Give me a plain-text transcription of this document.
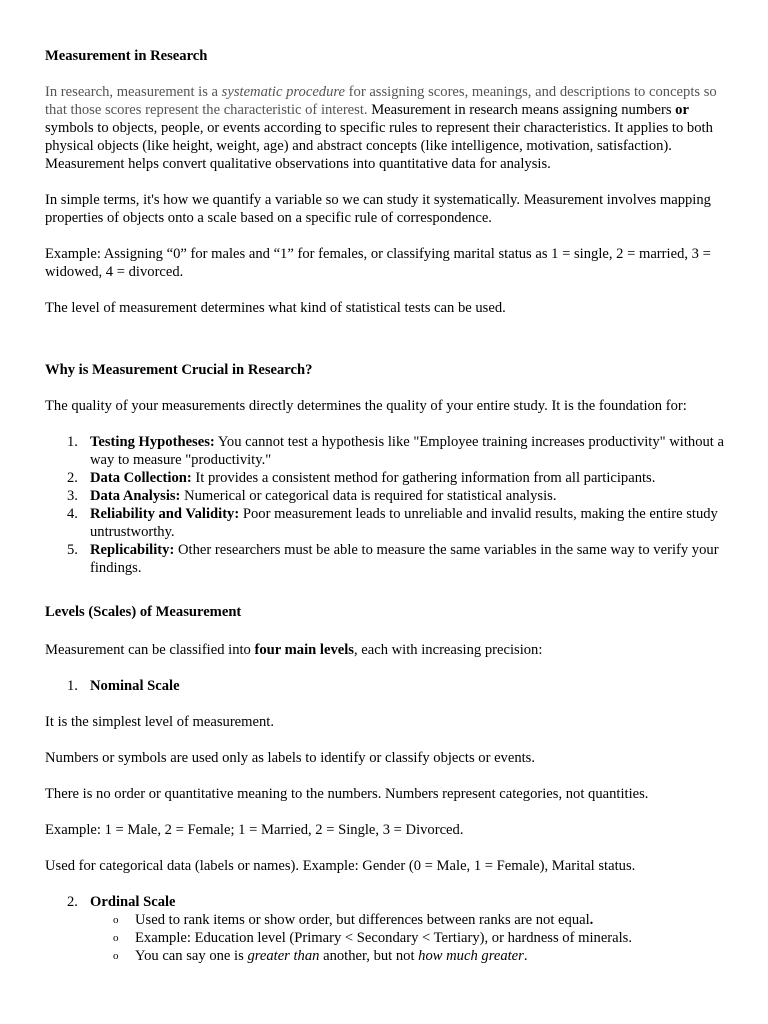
Measurement in Research

In research, measurement is a systematic procedure for assigning scores, meanings, and descriptions to concepts so that those scores represent the characteristic of interest. Measurement in research means assigning numbers or symbols to objects, people, or events according to specific rules to represent their characteristics. It applies to both physical objects (like height, weight, age) and abstract concepts (like intelligence, motivation, satisfaction). Measurement helps convert qualitative observations into quantitative data for analysis.

In simple terms, it's how we quantify a variable so we can study it systematically. Measurement involves mapping properties of objects onto a scale based on a specific rule of correspondence.

Example: Assigning “0” for males and “1” for females, or classifying marital status as 1 = single, 2 = married, 3 = widowed, 4 = divorced.

The level of measurement determines what kind of statistical tests can be used.

Why is Measurement Crucial in Research?

The quality of your measurements directly determines the quality of your entire study. It is the foundation for:

1. Testing Hypotheses: You cannot test a hypothesis like "Employee training increases productivity" without a way to measure "productivity."
2. Data Collection: It provides a consistent method for gathering information from all participants.
3. Data Analysis: Numerical or categorical data is required for statistical analysis.
4. Reliability and Validity: Poor measurement leads to unreliable and invalid results, making the entire study untrustworthy.
5. Replicability: Other researchers must be able to measure the same variables in the same way to verify your findings.

Levels (Scales) of Measurement

Measurement can be classified into four main levels, each with increasing precision:

1. Nominal Scale

It is the simplest level of measurement.

Numbers or symbols are used only as labels to identify or classify objects or events.

There is no order or quantitative meaning to the numbers. Numbers represent categories, not quantities.

Example: 1 = Male, 2 = Female; 1 = Married, 2 = Single, 3 = Divorced.

Used for categorical data (labels or names). Example: Gender (0 = Male, 1 = Female), Marital status.

2. Ordinal Scale
o Used to rank items or show order, but differences between ranks are not equal.
o Example: Education level (Primary < Secondary < Tertiary), or hardness of minerals.
o You can say one is greater than another, but not how much greater.
